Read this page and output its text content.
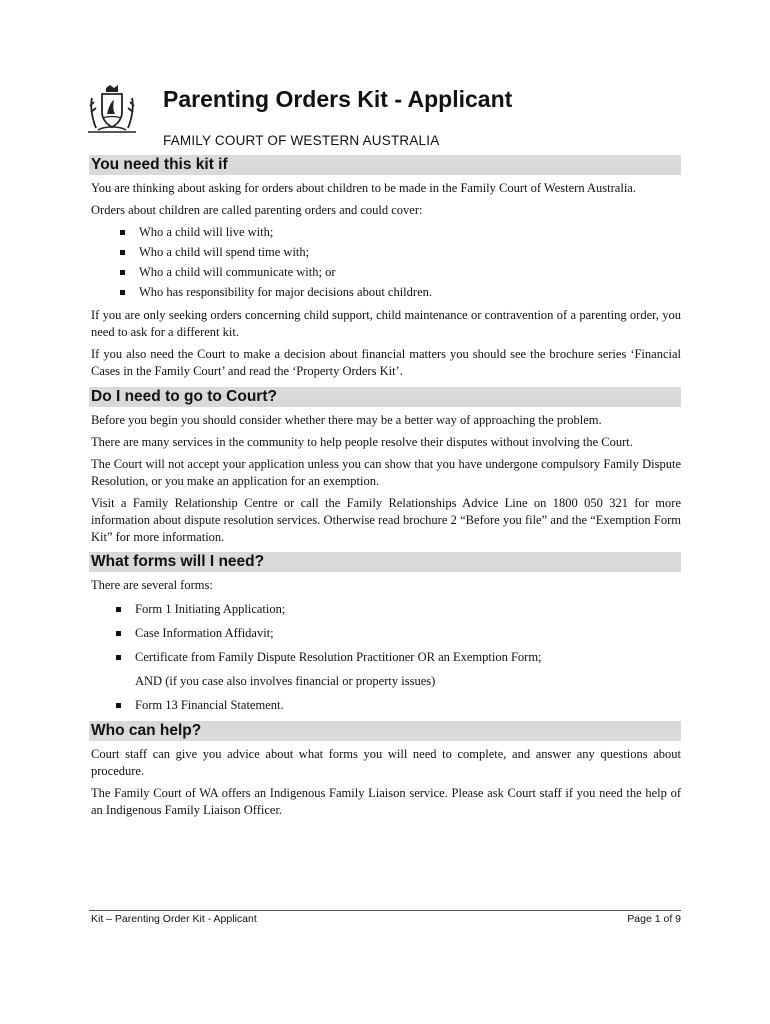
Parenting Orders Kit - Applicant
FAMILY COURT OF WESTERN AUSTRALIA
You need this kit if

You are thinking about asking for orders about children to be made in the Family Court of Western Australia.

Orders about children are called parenting orders and could cover:

Who a child will live with;
Who a child will spend time with;
Who a child will communicate with; or
Who has responsibility for major decisions about children.

If you are only seeking orders concerning child support, child maintenance or contravention of a parenting order, you need to ask for a different kit.

If you also need the Court to make a decision about financial matters you should see the brochure series ‘Financial Cases in the Family Court’ and read the ‘Property Orders Kit’.

Do I need to go to Court?

Before you begin you should consider whether there may be a better way of approaching the problem.

There are many services in the community to help people resolve their disputes without involving the Court.

The Court will not accept your application unless you can show that you have undergone compulsory Family Dispute Resolution, or you make an application for an exemption.

Visit a Family Relationship Centre or call the Family Relationships Advice Line on 1800 050 321 for more information about dispute resolution services. Otherwise read brochure 2 “Before you file” and the “Exemption Form Kit” for more information.

What forms will I need?

There are several forms:

Form 1 Initiating Application;
Case Information Affidavit;
Certificate from Family Dispute Resolution Practitioner OR an Exemption Form;
AND (if you case also involves financial or property issues)
Form 13 Financial Statement.
Who can help?

Court staff can give you advice about what forms you will need to complete, and answer any questions about procedure.

The Family Court of WA offers an Indigenous Family Liaison service. Please ask Court staff if you need the help of an Indigenous Family Liaison Officer.

Kit – Parenting Order Kit - Applicant	Page 1 of 9
